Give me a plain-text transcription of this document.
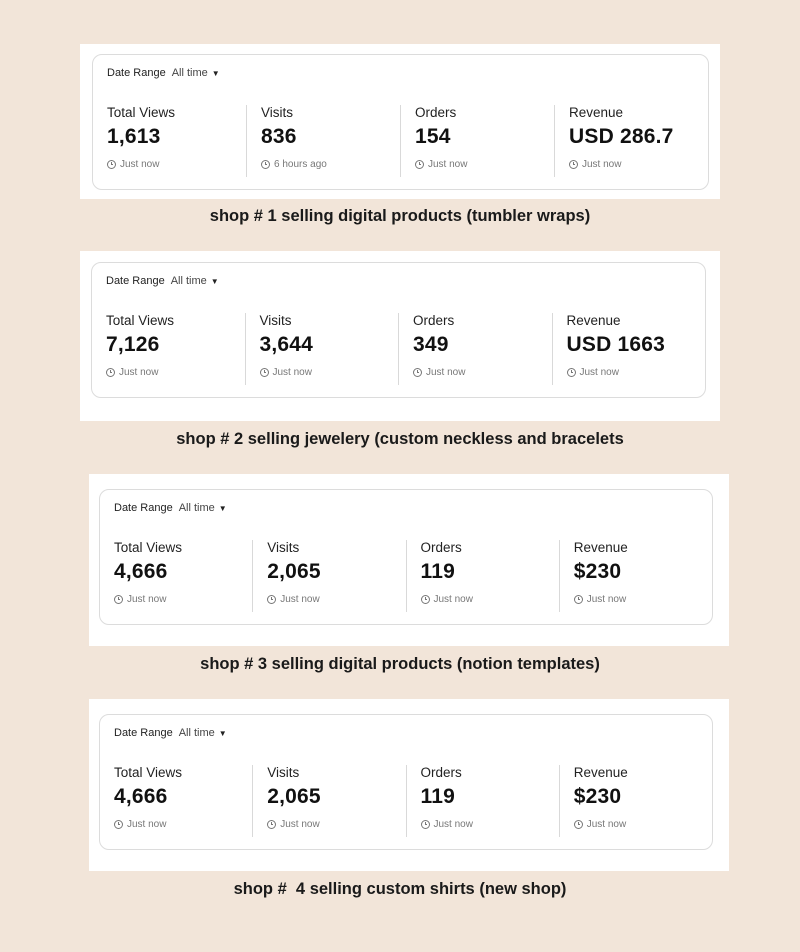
Date Range All time ▼
Total Views
1,613
Just now
Visits
836
6 hours ago
Orders
154
Just now
Revenue
USD 286.7
Just now
shop # 1 selling digital products (tumbler wraps)
Date Range All time ▼
Total Views
7,126
Just now
Visits
3,644
Just now
Orders
349
Just now
Revenue
USD 1663
Just now
shop # 2 selling jewelery (custom neckless and bracelets
Date Range All time ▼
Total Views
4,666
Just now
Visits
2,065
Just now
Orders
119
Just now
Revenue
$230
Just now
shop # 3 selling digital products (notion templates)
Date Range All time ▼
Total Views
4,666
Just now
Visits
2,065
Just now
Orders
119
Just now
Revenue
$230
Just now
shop #  4 selling custom shirts (new shop)
